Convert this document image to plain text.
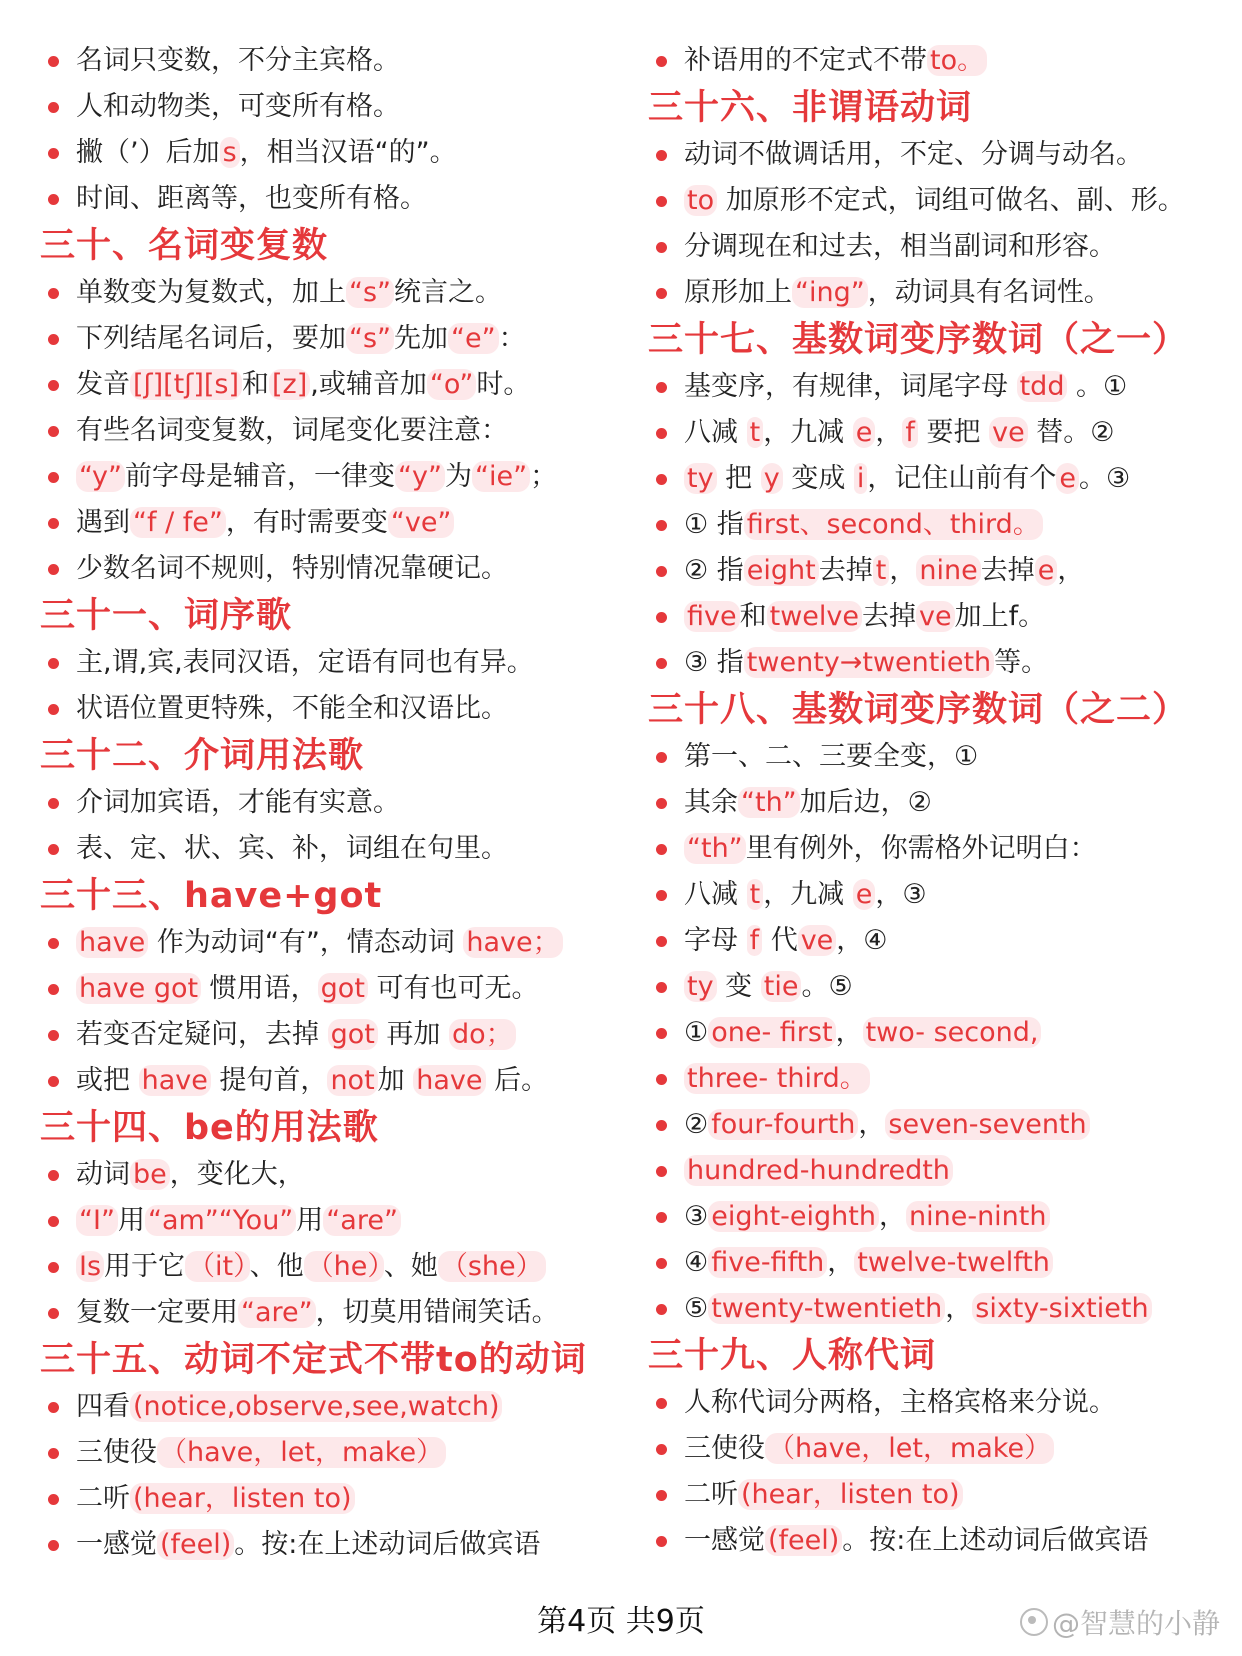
名词只变数，不分主宾格。
人和动物类，可变所有格。
撇（’）后加 s ，相当汉语“的”。
时间、距离等，也变所有格。
三十、名词变复数
单数变为复数式，加上 “s” 统言之。
下列结尾名词后，要加 “s” 先加 “e” ：
发音 [ʃ][tʃ][s] 和 [z] ,或辅音加 “o” 时。
有些名词变复数，词尾变化要注意：
“y” 前字母是辅音，一律变 “y” 为 “ie” ；
遇到 “f / fe” ，有时需要变 “ve”
少数名词不规则，特别情况靠硬记。
三十一、词序歌
主,谓,宾,表同汉语，定语有同也有异。
状语位置更特殊，不能全和汉语比。
三十二、介词用法歌
介词加宾语，才能有实意。
表、定、状、宾、补，词组在句里。
三十三、have+got
have 作为动词“有”，情态动词 have；
have got 惯用语， got 可有也可无。
若变否定疑问，去掉 got 再加 do；
或把 have 提句首， not 加 have 后。
三十四、be的用法歌
动词 be ，变化大，
“I” 用 “am”“You” 用 “are”
Is 用于它 （it） 、他 （he） 、她 （she）
复数一定要用 “are” ，切莫用错闹笑话。
三十五、动词不定式不带to的动词
四看 (notice,observe,see,watch)
三使役 （have，let，make）
二听 (hear，listen to)
一感觉 (feel) 。按:在上述动词后做宾语
补语用的不定式不带 to。
三十六、非谓语动词
动词不做调话用，不定、分调与动名。
to 加原形不定式，词组可做名、副、形。
分调现在和过去，相当副词和形容。
原形加上 “ing” ，动词具有名词性。
三十七、基数词变序数词（之一）
基变序，有规律，词尾字母 tdd 。①
八减 t ，九减 e ， f 要把 ve 替。②
ty 把 y 变成 i ，记住山前有个 e 。③
① 指 first、second、third。
② 指 eight 去掉 t ， nine 去掉 e ，
five 和 twelve 去掉 ve 加上f。
③ 指 twenty→twentieth 等。
三十八、基数词变序数词（之二）
第一、二、三要全变，①
其余 “th” 加后边，②
“th” 里有例外，你需格外记明白：
八减 t ，九减 e ，③
字母 f 代 ve ，④
ty 变 tie 。⑤
① one- first ， two- second,
three- third。
② four-fourth ， seven-seventh
hundred-hundredth
③ eight-eighth ， nine-ninth
④ five-fifth ， twelve-twelfth
⑤ twenty-twentieth ， sixty-sixtieth
三十九、人称代词
人称代词分两格，主格宾格来分说。
三使役 （have，let，make）
二听 (hear，listen to)
一感觉 (feel) 。按:在上述动词后做宾语
第4页 共9页	@智慧的小静
